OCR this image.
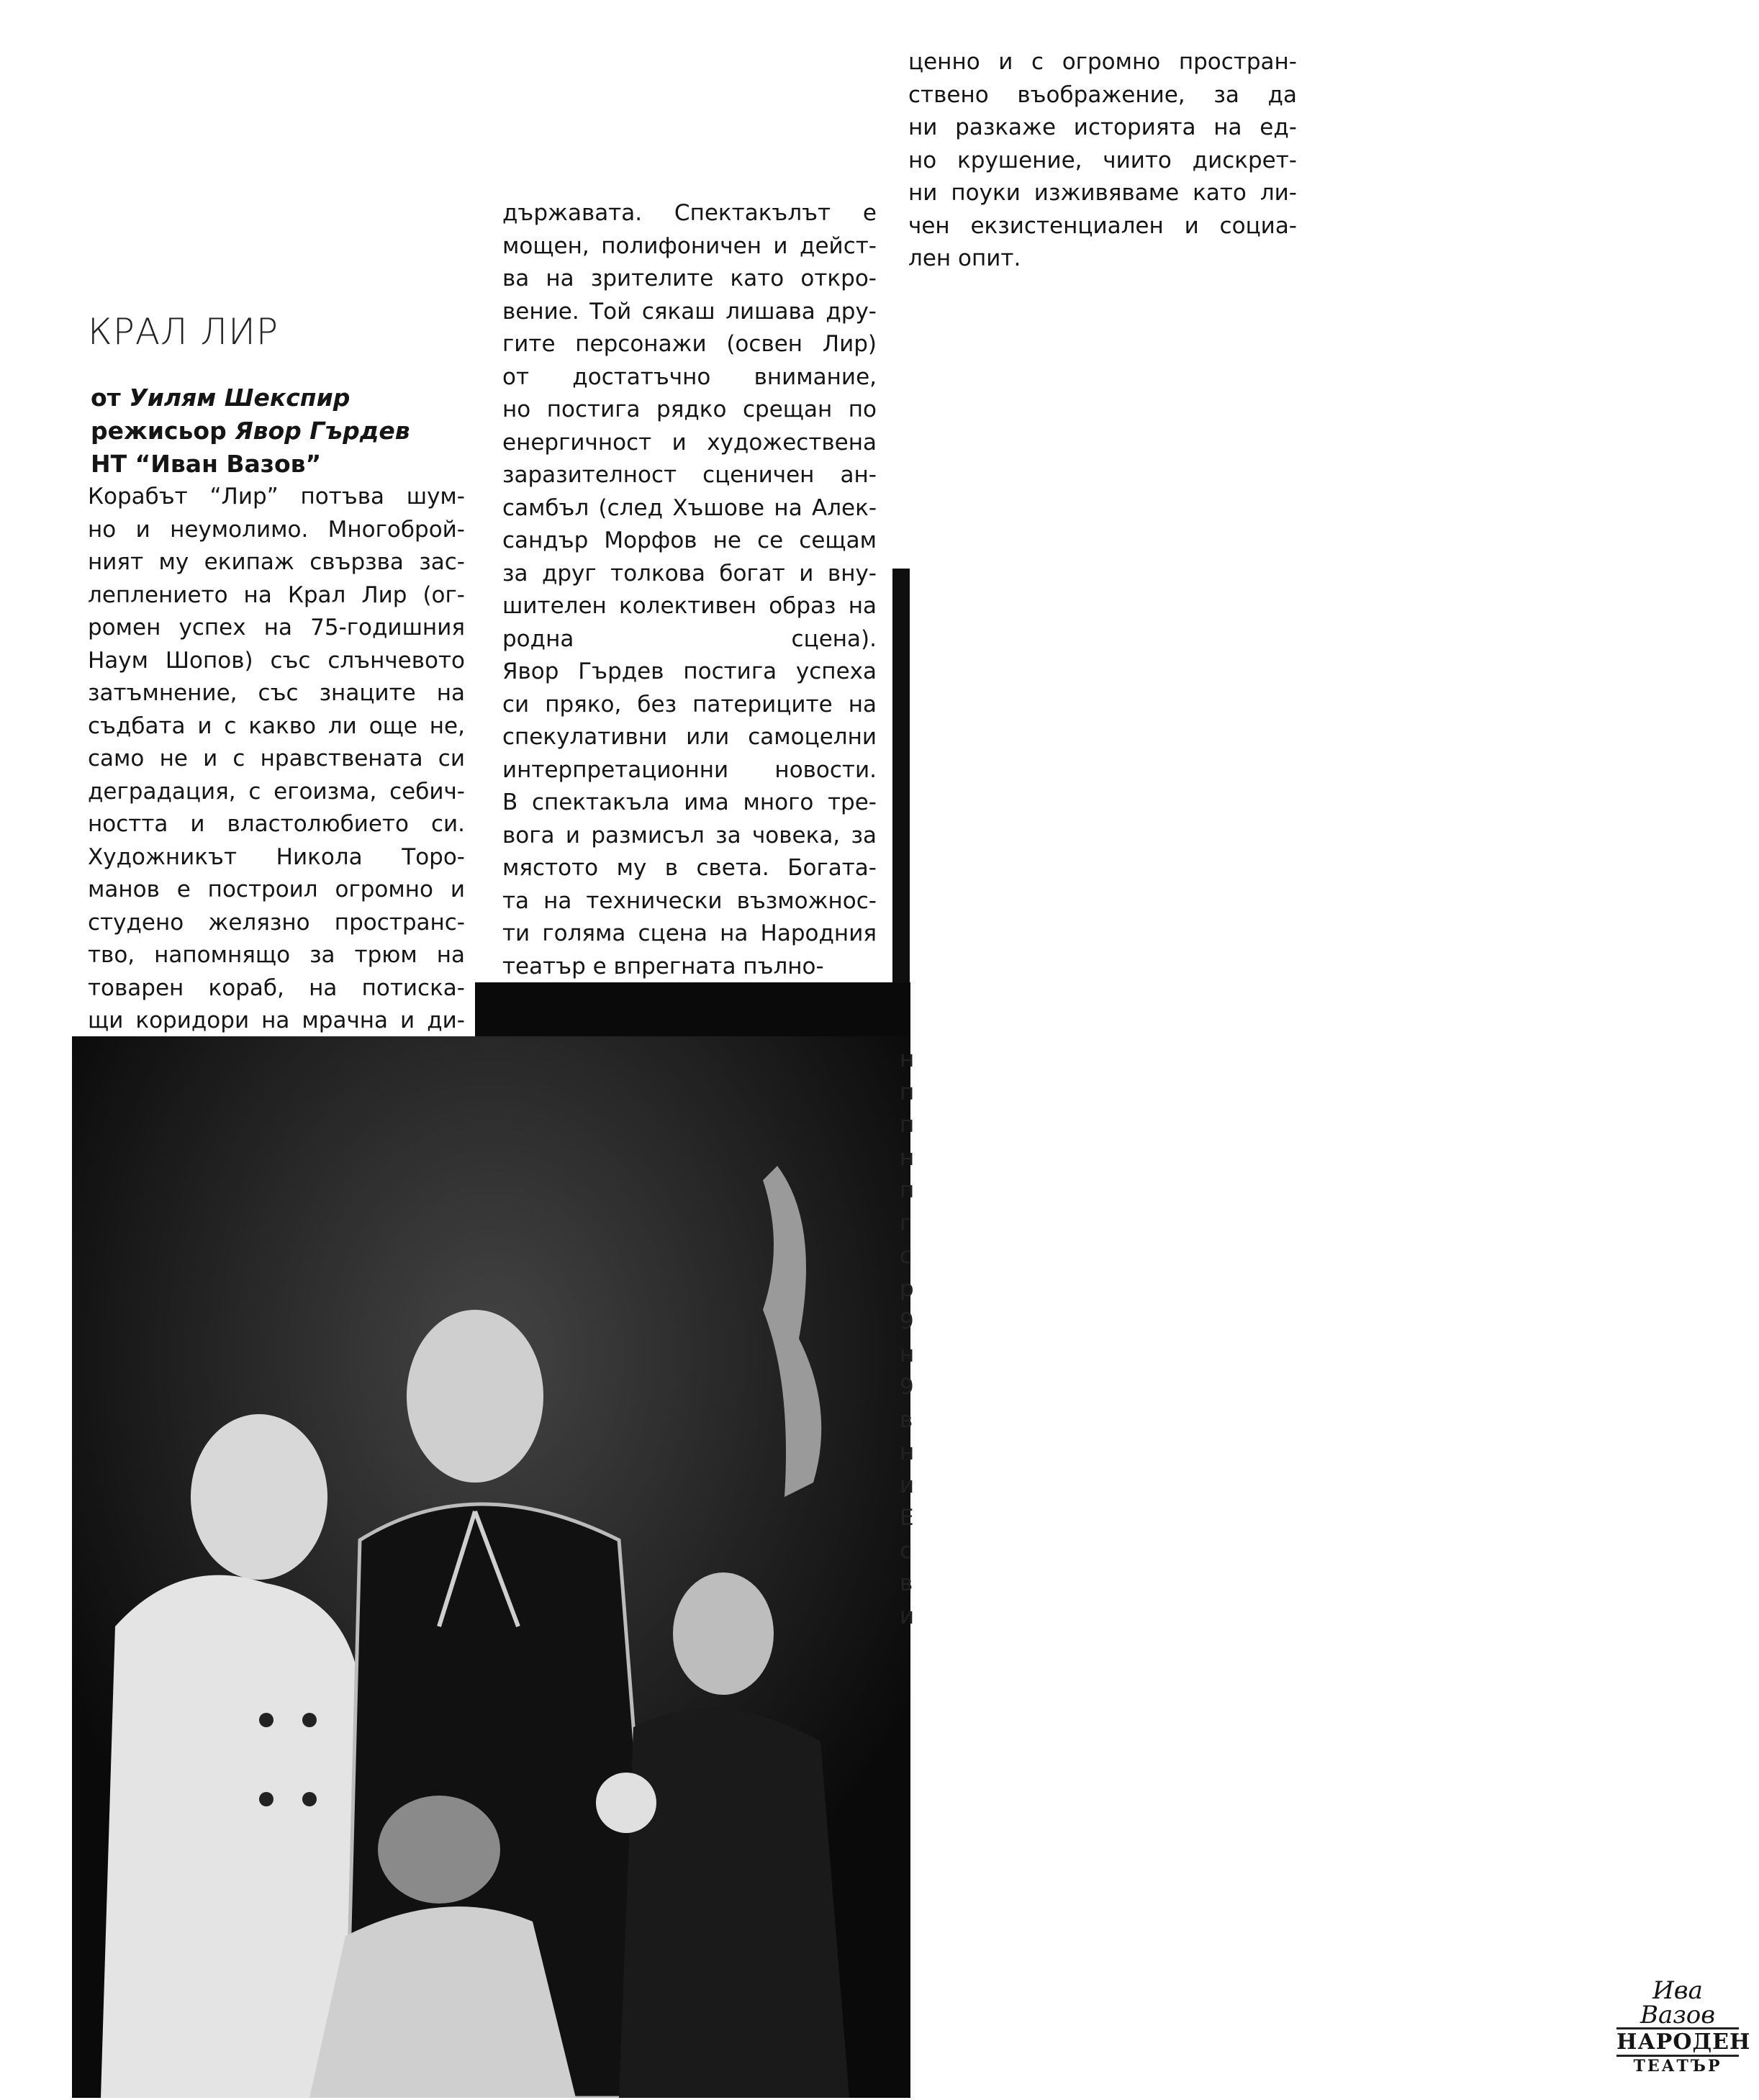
КРАЛ ЛИР
от Уилям Шекспир
режисьор Явор Гърдев
НТ “Иван Вазов”
Корабът “Лир” потъва шум-
но и неумолимо. Многоброй-
ният му екипаж свързва зас-
леплението на Крал Лир (ог-
ромен успех на 75-годишния
Наум Шопов) със слънчевото
затъмнение, със знаците на
съдбата и с какво ли още не,
само не и с нравствената си
деградация, с егоизма, себич-
ността и властолюбието си.
Художникът Никола Торо-
манов е построил огромно и
студено желязно пространс-
тво, напомнящо за трюм на
товарен кораб, на потиска-
щи коридори на мрачна и ди-
държавата. Спектакълът е
мощен, полифоничен и дейст-
ва на зрителите като откро-
вение. Той сякаш лишава дру-
гите персонажи (освен Лир)
от достатъчно внимание,
но постига рядко срещан по
енергичност и художествена
заразителност сценичен ан-
самбъл (след Хъшове на Алек-
сандър Морфов не се сещам
за друг толкова богат и вну-
шителен колективен образ на
родна сцена).
Явор Гърдев постига успеха
си пряко, без патериците на
спекулативни или самоцелни
интерпретационни новости.
В спектакъла има много тре-
вога и размисъл за човека, за
мястото му в света. Богата-
та на технически възможнос-
ти голяма сцена на Народния
театър е впрегната пълно-
ценно и с огромно простран-
ствено въображение, за да
ни разкаже историята на ед-
но крушение, чиито дискрет-
ни поуки изживяваме като ли-
чен екзистенциален и социа-
лен опит.
н
п
п
н
п
г
с
р
9
н
9
в
н
и
Е
с
в
и
Ива Вазов
НАРОДЕН
ТЕАТЪР
